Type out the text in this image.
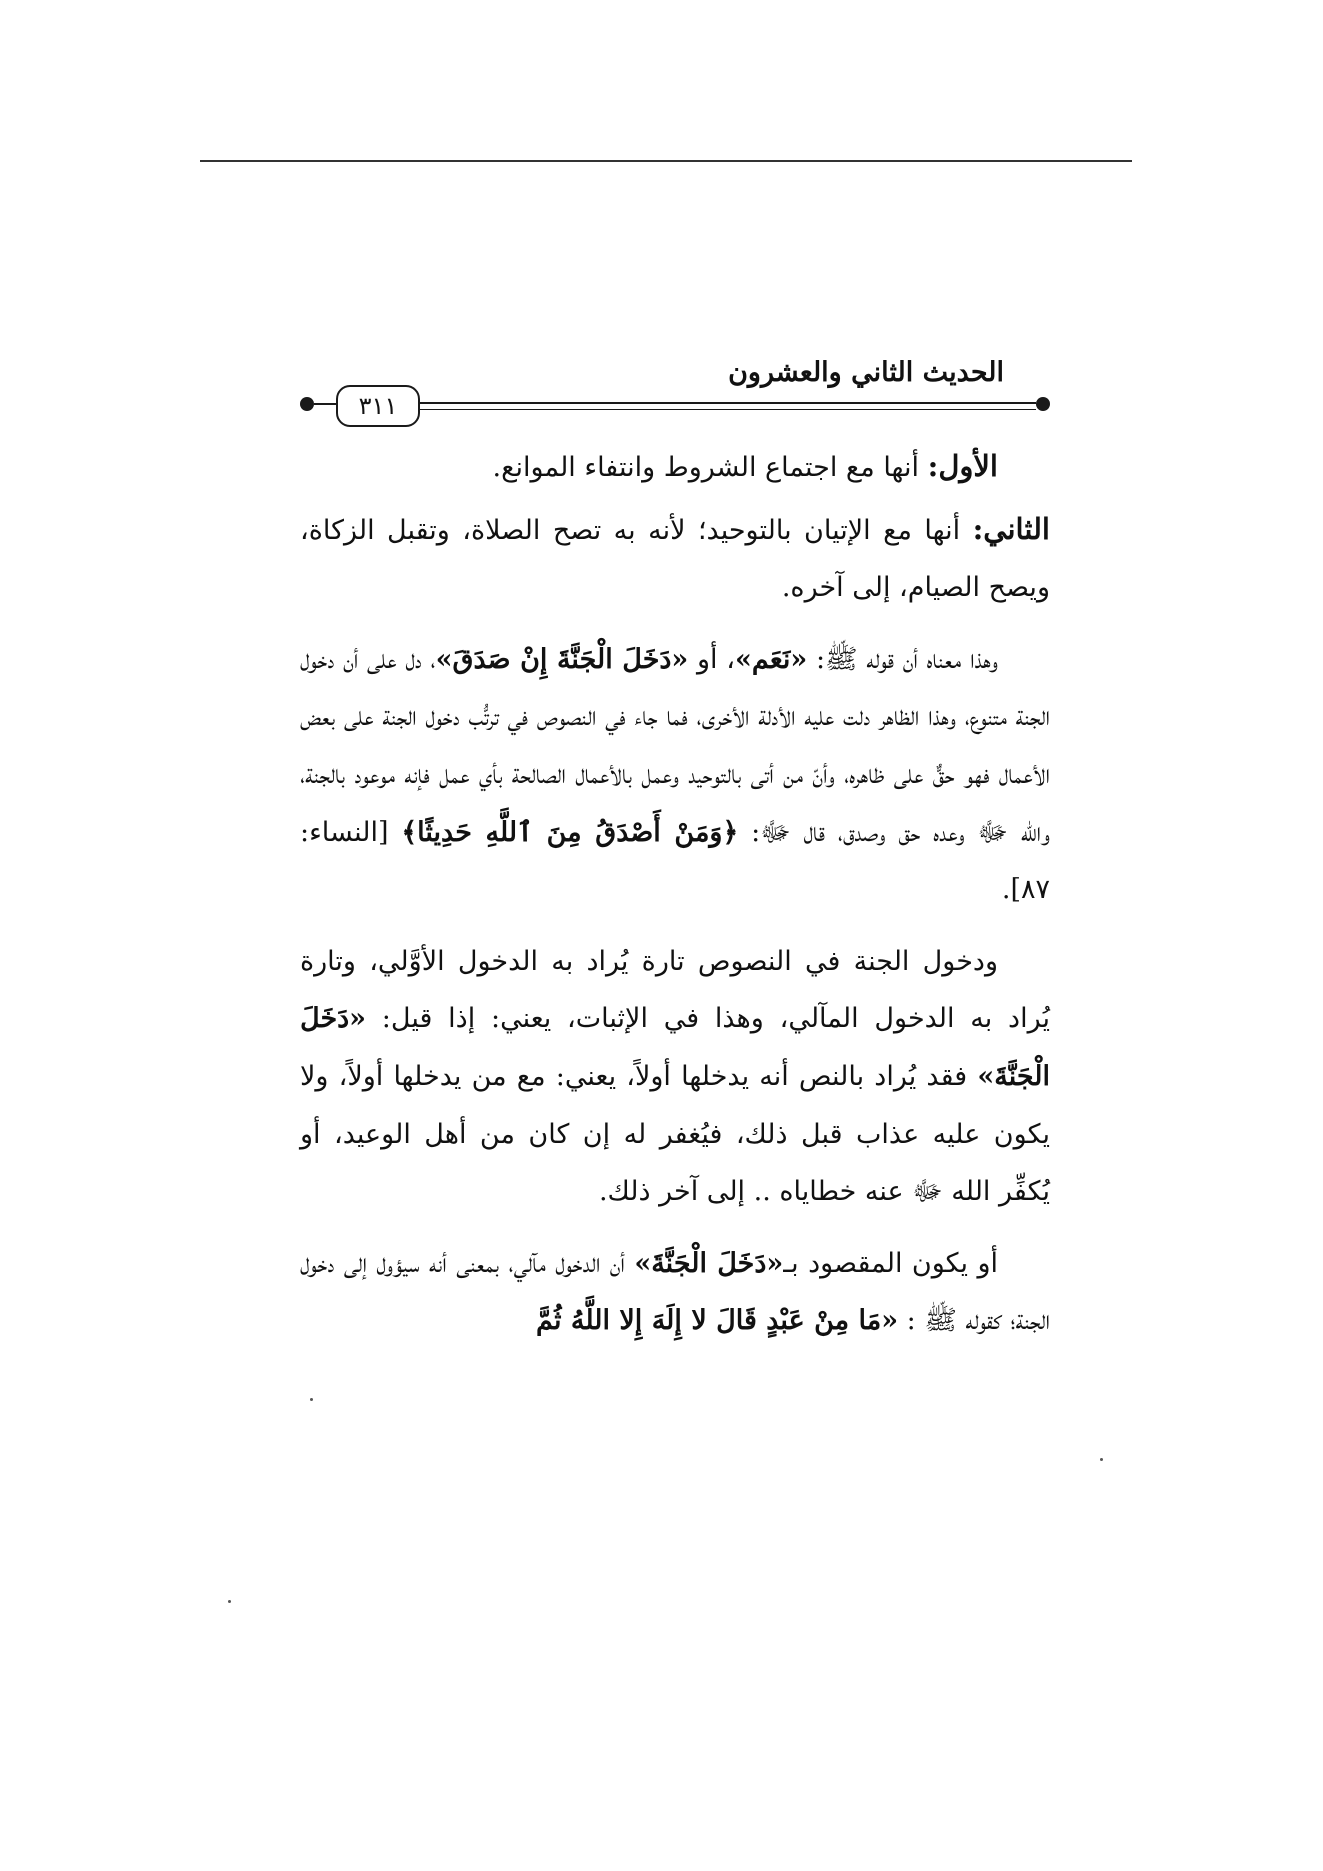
٣١١
الحديث الثاني والعشرون

الأول: أنها مع اجتماع الشروط وانتفاء الموانع.

الثاني: أنها مع الإتيان بالتوحيد؛ لأنه به تصح الصلاة، وتقبل الزكاة، ويصح الصيام، إلى آخره.

وهذا معناه أن قوله ﷺ: «نَعَم»، أو «دَخَلَ الْجَنَّةَ إِنْ صَدَقَ»، دل على أن دخول الجنة متنوع، وهذا الظاهر دلت عليه الأدلة الأخرى، فما جاء في النصوص في ترتُّب دخول الجنة على بعض الأعمال فهو حقٌّ على ظاهره، وأنّ من أتى بالتوحيد وعمل بالأعمال الصالحة بأي عمل فإنه موعود بالجنة، والله ﷻ وعده حق وصدق، قال ﷻ: ﴿وَمَنْ أَصْدَقُ مِنَ ٱللَّهِ حَدِيثًا﴾ [النساء: ٨٧].

ودخول الجنة في النصوص تارة يُراد به الدخول الأوَّلي، وتارة يُراد به الدخول المآلي، وهذا في الإثبات، يعني: إذا قيل: «دَخَلَ الْجَنَّةَ» فقد يُراد بالنص أنه يدخلها أولاً، يعني: مع من يدخلها أولاً، ولا يكون عليه عذاب قبل ذلك، فيُغفر له إن كان من أهل الوعيد، أو يُكفِّر الله ﷻ عنه خطاياه .. إلى آخر ذلك.

أو يكون المقصود بـ«دَخَلَ الْجَنَّةَ» أن الدخول مآلي، بمعنى أنه سيؤول إلى دخول الجنة؛ كقوله ﷺ : «مَا مِنْ عَبْدٍ قَالَ لا إِلَهَ إِلا اللَّهُ ثُمَّ
